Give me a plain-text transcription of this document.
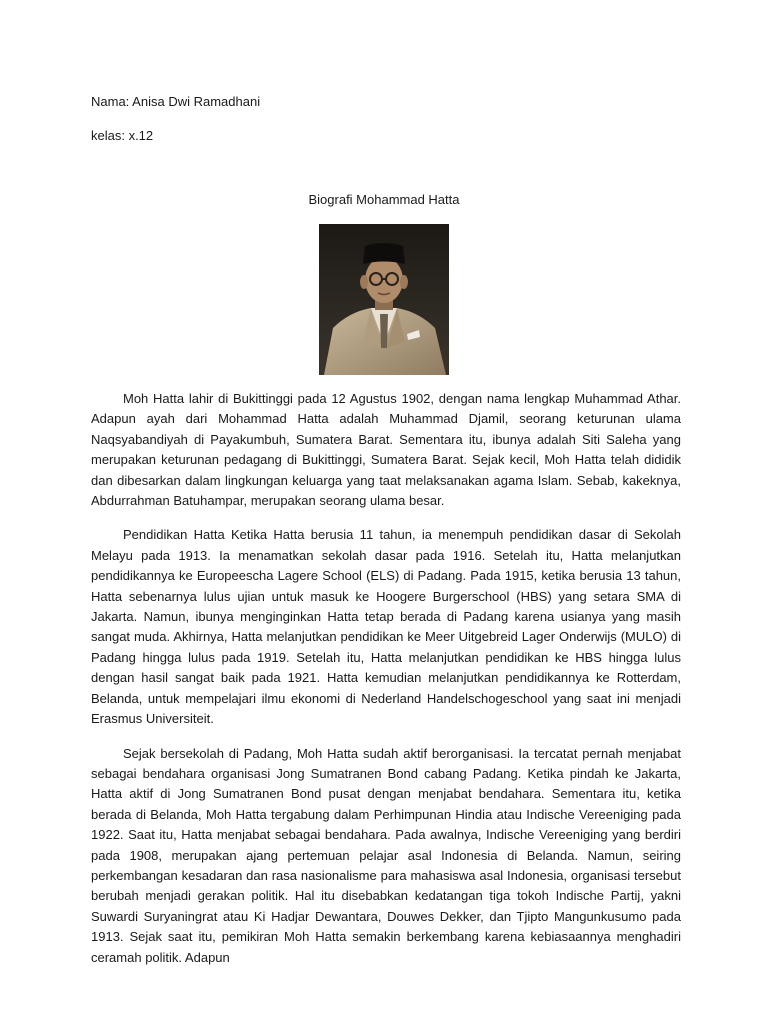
Nama: Anisa Dwi Ramadhani
kelas: x.12
Biografi Mohammad Hatta

Moh Hatta lahir di Bukittinggi pada 12 Agustus 1902, dengan nama lengkap Muhammad Athar. Adapun ayah dari Mohammad Hatta adalah Muhammad Djamil, seorang keturunan ulama Naqsyabandiyah di Payakumbuh, Sumatera Barat. Sementara itu, ibunya adalah Siti Saleha yang merupakan keturunan pedagang di Bukittinggi, Sumatera Barat. Sejak kecil, Moh Hatta telah dididik dan dibesarkan dalam lingkungan keluarga yang taat melaksanakan agama Islam. Sebab, kakeknya, Abdurrahman Batuhampar, merupakan seorang ulama besar.

Pendidikan Hatta Ketika Hatta berusia 11 tahun, ia menempuh pendidikan dasar di Sekolah Melayu pada 1913. Ia menamatkan sekolah dasar pada 1916. Setelah itu, Hatta melanjutkan pendidikannya ke Europeescha Lagere School (ELS) di Padang. Pada 1915, ketika berusia 13 tahun, Hatta sebenarnya lulus ujian untuk masuk ke Hoogere Burgerschool (HBS) yang setara SMA di Jakarta. Namun, ibunya menginginkan Hatta tetap berada di Padang karena usianya yang masih sangat muda. Akhirnya, Hatta melanjutkan pendidikan ke Meer Uitgebreid Lager Onderwijs (MULO) di Padang hingga lulus pada 1919. Setelah itu, Hatta melanjutkan pendidikan ke HBS hingga lulus dengan hasil sangat baik pada 1921. Hatta kemudian melanjutkan pendidikannya ke Rotterdam, Belanda, untuk mempelajari ilmu ekonomi di Nederland Handelschogeschool yang saat ini menjadi Erasmus Universiteit.

Sejak bersekolah di Padang, Moh Hatta sudah aktif berorganisasi. Ia tercatat pernah menjabat sebagai bendahara organisasi Jong Sumatranen Bond cabang Padang. Ketika pindah ke Jakarta, Hatta aktif di Jong Sumatranen Bond pusat dengan menjabat bendahara. Sementara itu, ketika berada di Belanda, Moh Hatta tergabung dalam Perhimpunan Hindia atau Indische Vereeniging pada 1922. Saat itu, Hatta menjabat sebagai bendahara. Pada awalnya, Indische Vereeniging yang berdiri pada 1908, merupakan ajang pertemuan pelajar asal Indonesia di Belanda. Namun, seiring perkembangan kesadaran dan rasa nasionalisme para mahasiswa asal Indonesia, organisasi tersebut berubah menjadi gerakan politik. Hal itu disebabkan kedatangan tiga tokoh Indische Partij, yakni Suwardi Suryaningrat atau Ki Hadjar Dewantara, Douwes Dekker, dan Tjipto Mangunkusumo pada 1913. Sejak saat itu, pemikiran Moh Hatta semakin berkembang karena kebiasaannya menghadiri ceramah politik. Adapun
